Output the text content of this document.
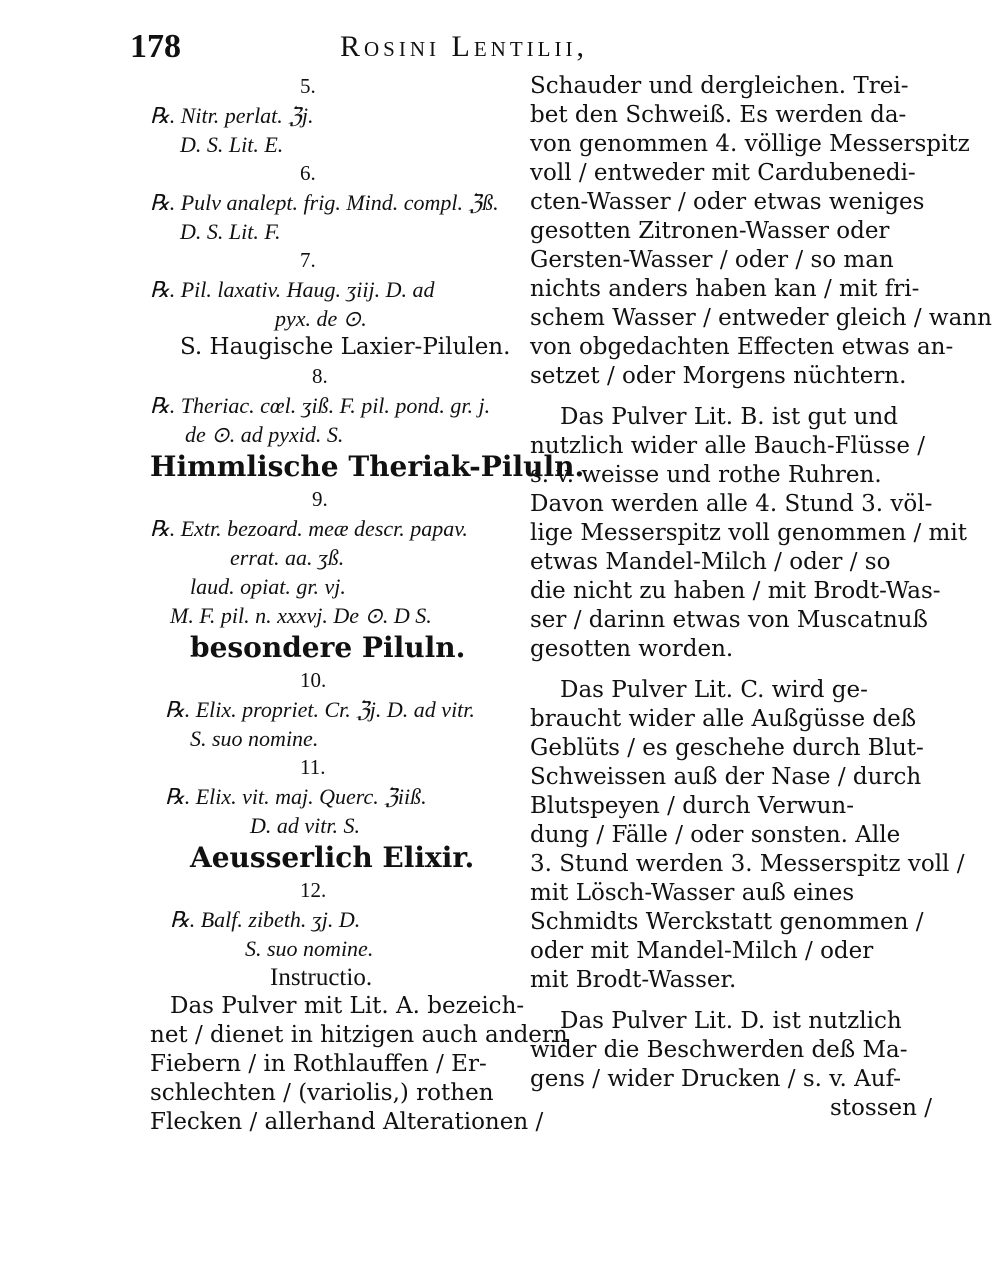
178	Rosini Lentilii,
5.
℞. Nitr. perlat. ℨj.
D. S. Lit. E.
6.
℞. Pulv analept. frig. Mind. compl. ℨß.
D. S. Lit. F.
7.
℞. Pil. laxativ. Haug. ʒiij. D. ad
pyx. de ⊙.
S. Haugische Laxier-Pilulen.
8.
℞. Theriac. cœl. ʒiß. F. pil. pond. gr. j.
de ⊙. ad pyxid. S.
Himmlische Theriak-Piluln.
9.
℞. Extr. bezoard. meæ descr. papav.
errat. aa. ʒß.
laud. opiat. gr. vj.
M. F. pil. n. xxxvj. De ⊙. D S.
besondere Piluln.
10.
℞. Elix. propriet. Cr. ℨj. D. ad vitr.
S. suo nomine.
11.
℞. Elix. vit. maj. Querc. ℨiiß.
D. ad vitr. S.
Aeusserlich Elixir.
12.
℞. Balf. zibeth. ʒj. D.
S. suo nomine.
Instructio.
Das Pulver mit Lit. A. bezeich-
net / dienet in hitzigen auch andern
Fiebern / in Rothlauffen / Er-
schlechten / (variolis,) rothen
Flecken / allerhand Alterationen /
Schauder und dergleichen. Trei-
bet den Schweiß. Es werden da-
von genommen 4. völlige Messerspitz
voll / entweder mit Cardubenedi-
cten-Wasser / oder etwas weniges
gesotten Zitronen-Wasser oder
Gersten-Wasser / oder / so man
nichts anders haben kan / mit fri-
schem Wasser / entweder gleich / wann
von obgedachten Effecten etwas an-
setzet / oder Morgens nüchtern.
Das Pulver Lit. B. ist gut und
nutzlich wider alle Bauch-Flüsse /
s. v. weisse und rothe Ruhren.
Davon werden alle 4. Stund 3. völ-
lige Messerspitz voll genommen / mit
etwas Mandel-Milch / oder / so
die nicht zu haben / mit Brodt-Was-
ser / darinn etwas von Muscatnuß
gesotten worden.
Das Pulver Lit. C. wird ge-
braucht wider alle Außgüsse deß
Geblüts / es geschehe durch Blut-
Schweissen auß der Nase / durch
Blutspeyen / durch Verwun-
dung / Fälle / oder sonsten. Alle
3. Stund werden 3. Messerspitz voll /
mit Lösch-Wasser auß eines
Schmidts Werckstatt genommen /
oder mit Mandel-Milch / oder
mit Brodt-Wasser.
Das Pulver Lit. D. ist nutzlich
wider die Beschwerden deß Ma-
gens / wider Drucken / s. v. Auf-
stossen /
